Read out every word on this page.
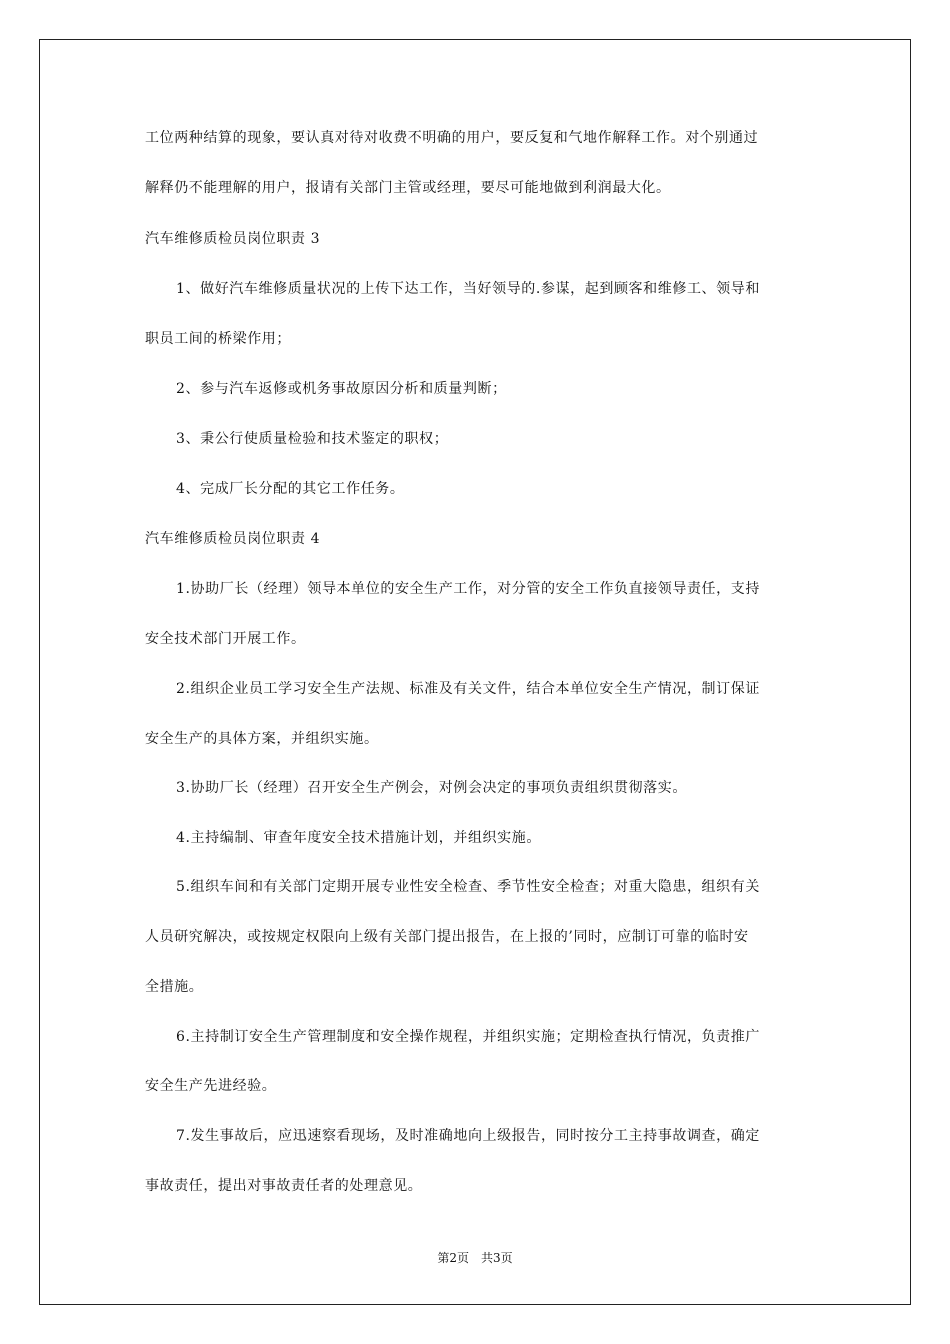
工位两种结算的现象，要认真对待对收费不明确的用户，要反复和气地作解释工作。对个别通过
解释仍不能理解的用户，报请有关部门主管或经理，要尽可能地做到利润最大化。
汽车维修质检员岗位职责 3
1、做好汽车维修质量状况的上传下达工作，当好领导的.参谋，起到顾客和维修工、领导和
职员工间的桥梁作用；
2、参与汽车返修或机务事故原因分析和质量判断；
3、秉公行使质量检验和技术鉴定的职权；
4、完成厂长分配的其它工作任务。
汽车维修质检员岗位职责 4
1.协助厂长（经理）领导本单位的安全生产工作，对分管的安全工作负直接领导责任，支持
安全技术部门开展工作。
2.组织企业员工学习安全生产法规、标准及有关文件，结合本单位安全生产情况，制订保证
安全生产的具体方案，并组织实施。
3.协助厂长（经理）召开安全生产例会，对例会决定的事项负责组织贯彻落实。
4.主持编制、审查年度安全技术措施计划，并组织实施。
5.组织车间和有关部门定期开展专业性安全检查、季节性安全检查；对重大隐患，组织有关
人员研究解决，或按规定权限向上级有关部门提出报告，在上报的’同时，应制订可靠的临时安
全措施。
6.主持制订安全生产管理制度和安全操作规程，并组织实施；定期检查执行情况，负责推广
安全生产先进经验。
7.发生事故后，应迅速察看现场，及时准确地向上级报告，同时按分工主持事故调查，确定
事故责任，提出对事故责任者的处理意见。
第2页　共3页
